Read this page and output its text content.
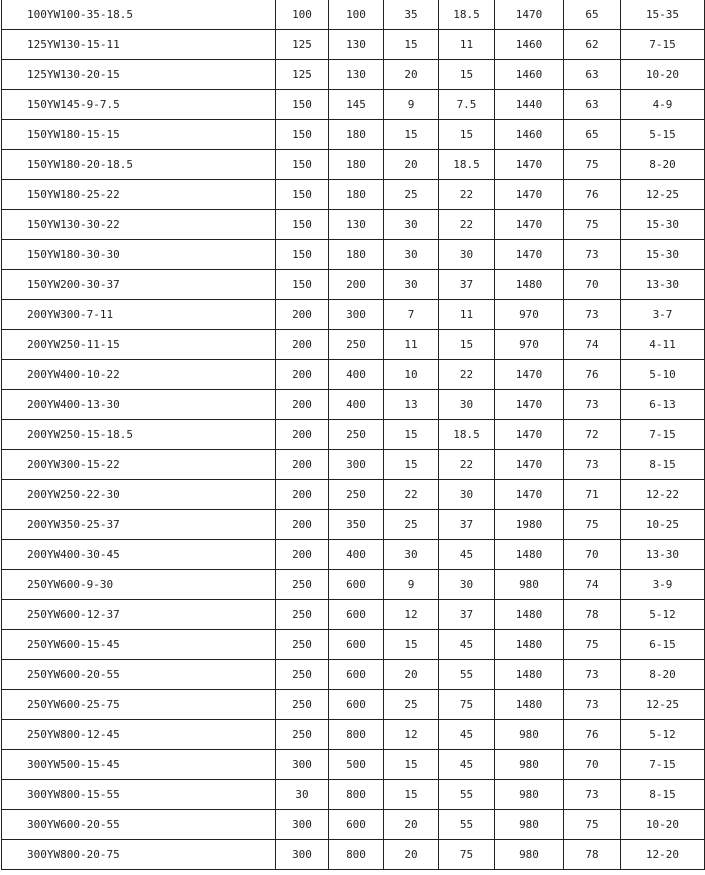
100YW100-35-18.5	100	100	35	18.5	1470	65	15-35
125YW130-15-11	125	130	15	11	1460	62	7-15
125YW130-20-15	125	130	20	15	1460	63	10-20
150YW145-9-7.5	150	145	9	7.5	1440	63	4-9
150YW180-15-15	150	180	15	15	1460	65	5-15
150YW180-20-18.5	150	180	20	18.5	1470	75	8-20
150YW180-25-22	150	180	25	22	1470	76	12-25
150YW130-30-22	150	130	30	22	1470	75	15-30
150YW180-30-30	150	180	30	30	1470	73	15-30
150YW200-30-37	150	200	30	37	1480	70	13-30
200YW300-7-11	200	300	7	11	970	73	3-7
200YW250-11-15	200	250	11	15	970	74	4-11
200YW400-10-22	200	400	10	22	1470	76	5-10
200YW400-13-30	200	400	13	30	1470	73	6-13
200YW250-15-18.5	200	250	15	18.5	1470	72	7-15
200YW300-15-22	200	300	15	22	1470	73	8-15
200YW250-22-30	200	250	22	30	1470	71	12-22
200YW350-25-37	200	350	25	37	1980	75	10-25
200YW400-30-45	200	400	30	45	1480	70	13-30
250YW600-9-30	250	600	9	30	980	74	3-9
250YW600-12-37	250	600	12	37	1480	78	5-12
250YW600-15-45	250	600	15	45	1480	75	6-15
250YW600-20-55	250	600	20	55	1480	73	8-20
250YW600-25-75	250	600	25	75	1480	73	12-25
250YW800-12-45	250	800	12	45	980	76	5-12
300YW500-15-45	300	500	15	45	980	70	7-15
300YW800-15-55	30	800	15	55	980	73	8-15
300YW600-20-55	300	600	20	55	980	75	10-20
300YW800-20-75	300	800	20	75	980	78	12-20
